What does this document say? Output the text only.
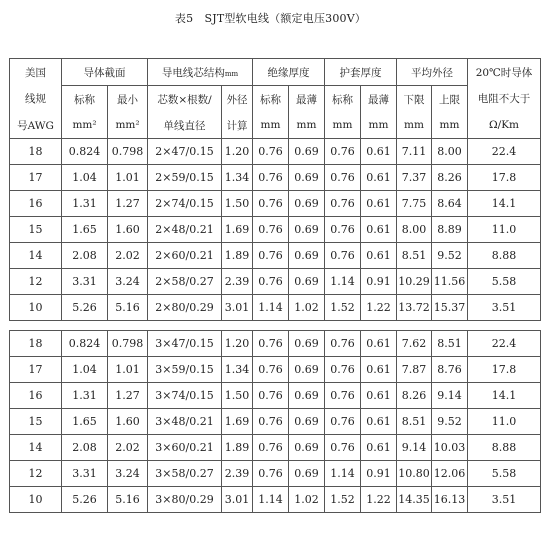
表5　SJT型软电线（额定电压300V）
美国	导体截面		导电线芯结构mm		绝缘厚度		护套厚度		平均外径		20℃时导体
线规	标称	最小	芯数×根数/	外径	标称	最薄	标称	最薄	下限	上限	电阻不大于
号AWG	mm²	mm²	单线直径	计算	mm	mm	mm	mm	mm	mm	Ω/Km
18	0.824	0.798	2×47/0.15	1.20	0.76	0.69	0.76	0.61	7.11	8.00	22.4
17	1.04	1.01	2×59/0.15	1.34	0.76	0.69	0.76	0.61	7.37	8.26	17.8
16	1.31	1.27	2×74/0.15	1.50	0.76	0.69	0.76	0.61	7.75	8.64	14.1
15	1.65	1.60	2×48/0.21	1.69	0.76	0.69	0.76	0.61	8.00	8.89	11.0
14	2.08	2.02	2×60/0.21	1.89	0.76	0.69	0.76	0.61	8.51	9.52	8.88
12	3.31	3.24	2×58/0.27	2.39	0.76	0.69	1.14	0.91	10.29	11.56	5.58
10	5.26	5.16	2×80/0.29	3.01	1.14	1.02	1.52	1.22	13.72	15.37	3.51

18	0.824	0.798	3×47/0.15	1.20	0.76	0.69	0.76	0.61	7.62	8.51	22.4
17	1.04	1.01	3×59/0.15	1.34	0.76	0.69	0.76	0.61	7.87	8.76	17.8
16	1.31	1.27	3×74/0.15	1.50	0.76	0.69	0.76	0.61	8.26	9.14	14.1
15	1.65	1.60	3×48/0.21	1.69	0.76	0.69	0.76	0.61	8.51	9.52	11.0
14	2.08	2.02	3×60/0.21	1.89	0.76	0.69	0.76	0.61	9.14	10.03	8.88
12	3.31	3.24	3×58/0.27	2.39	0.76	0.69	1.14	0.91	10.80	12.06	5.58
10	5.26	5.16	3×80/0.29	3.01	1.14	1.02	1.52	1.22	14.35	16.13	3.51
